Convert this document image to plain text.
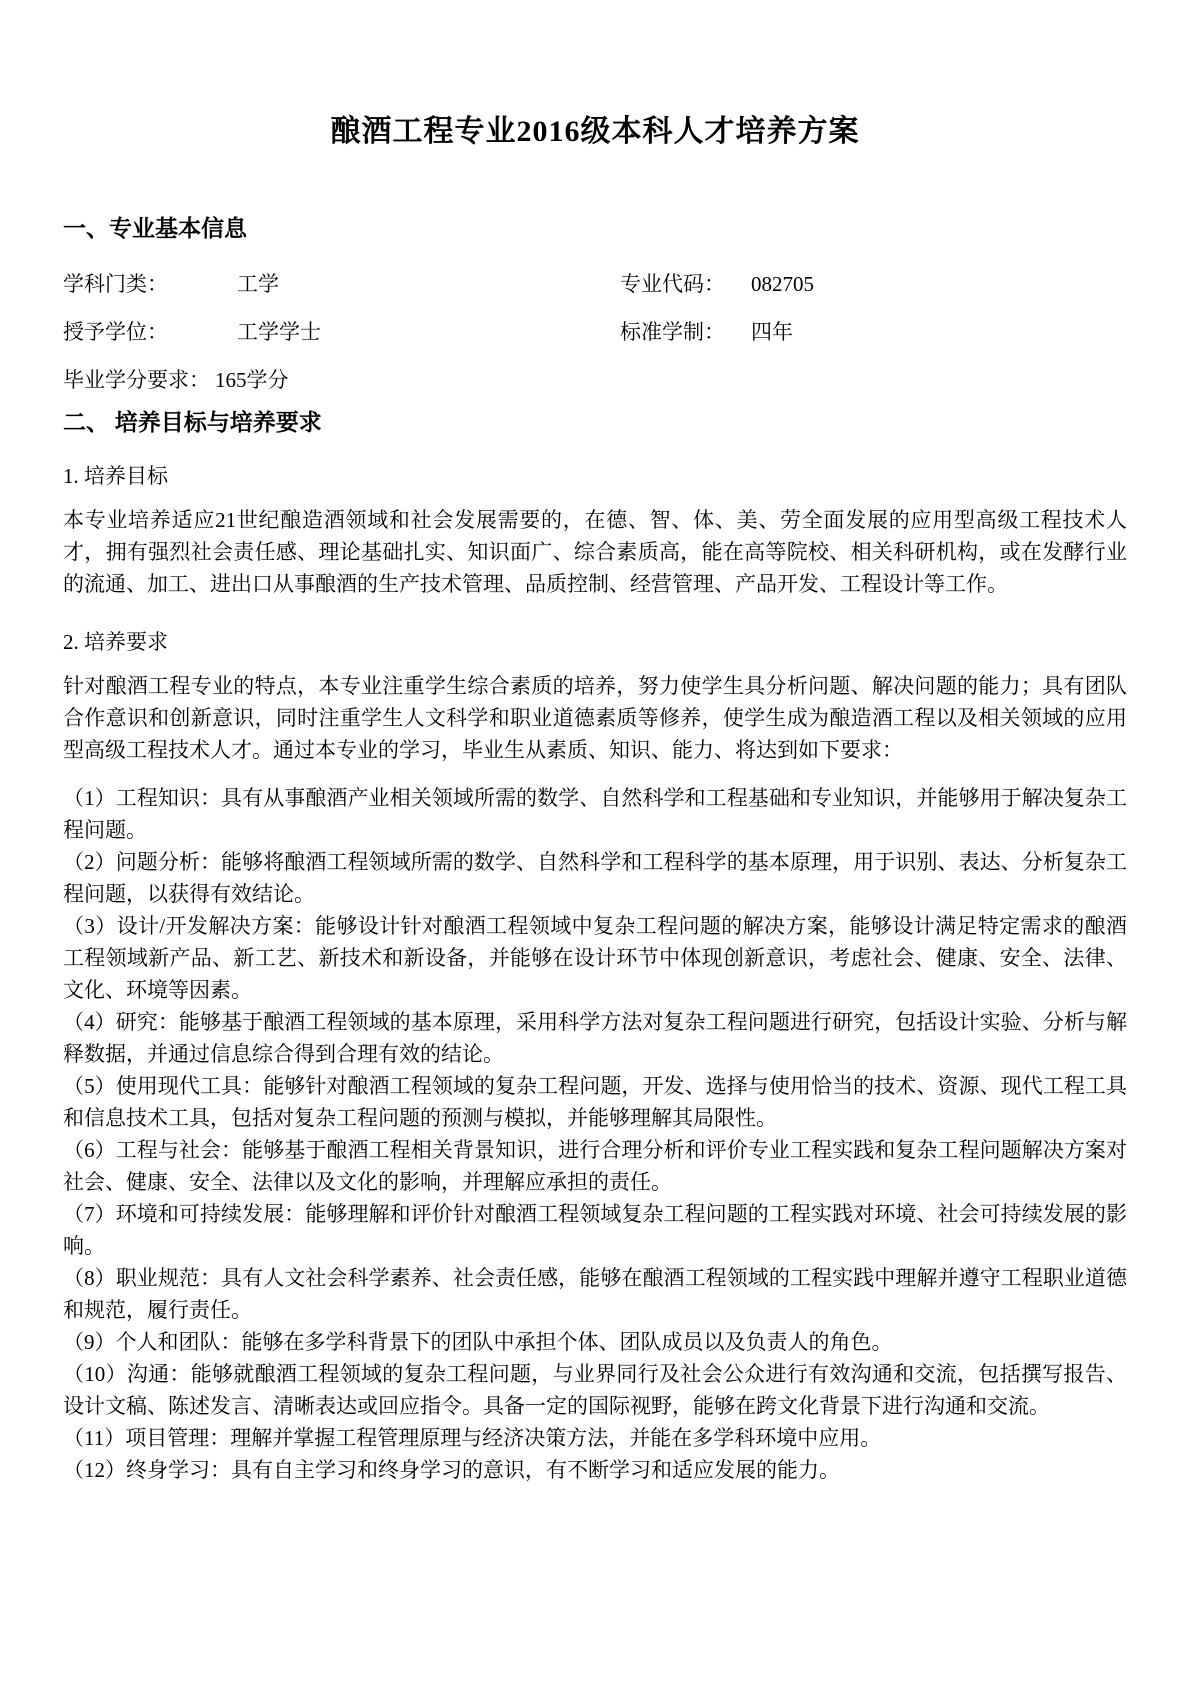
酿酒工程专业2016级本科人才培养方案
一、专业基本信息
学科门类：	工学	专业代码： 082705
授予学位：	工学学士	标准学制： 四年
毕业学分要求： 165学分
二、 培养目标与培养要求
1. 培养目标

本专业培养适应21世纪酿造酒领域和社会发展需要的，在德、智、体、美、劳全面发展的应用型高级工程技术人才，拥有强烈社会责任感、理论基础扎实、知识面广、综合素质高，能在高等院校、相关科研机构，或在发酵行业的流通、加工、进出口从事酿酒的生产技术管理、品质控制、经营管理、产品开发、工程设计等工作。

2. 培养要求

针对酿酒工程专业的特点，本专业注重学生综合素质的培养，努力使学生具分析问题、解决问题的能力；具有团队合作意识和创新意识，同时注重学生人文科学和职业道德素质等修养，使学生成为酿造酒工程以及相关领域的应用型高级工程技术人才。通过本专业的学习，毕业生从素质、知识、能力、将达到如下要求：

（1）工程知识：具有从事酿酒产业相关领域所需的数学、自然科学和工程基础和专业知识，并能够用于解决复杂工程问题。

（2）问题分析：能够将酿酒工程领域所需的数学、自然科学和工程科学的基本原理，用于识别、表达、分析复杂工程问题，以获得有效结论。

（3）设计/开发解决方案：能够设计针对酿酒工程领域中复杂工程问题的解决方案，能够设计满足特定需求的酿酒工程领域新产品、新工艺、新技术和新设备，并能够在设计环节中体现创新意识，考虑社会、健康、安全、法律、文化、环境等因素。

（4）研究：能够基于酿酒工程领域的基本原理，采用科学方法对复杂工程问题进行研究，包括设计实验、分析与解释数据，并通过信息综合得到合理有效的结论。

（5）使用现代工具：能够针对酿酒工程领域的复杂工程问题，开发、选择与使用恰当的技术、资源、现代工程工具和信息技术工具，包括对复杂工程问题的预测与模拟，并能够理解其局限性。

（6）工程与社会：能够基于酿酒工程相关背景知识，进行合理分析和评价专业工程实践和复杂工程问题解决方案对社会、健康、安全、法律以及文化的影响，并理解应承担的责任。

（7）环境和可持续发展：能够理解和评价针对酿酒工程领域复杂工程问题的工程实践对环境、社会可持续发展的影响。

（8）职业规范：具有人文社会科学素养、社会责任感，能够在酿酒工程领域的工程实践中理解并遵守工程职业道德和规范，履行责任。

（9）个人和团队：能够在多学科背景下的团队中承担个体、团队成员以及负责人的角色。

（10）沟通：能够就酿酒工程领域的复杂工程问题，与业界同行及社会公众进行有效沟通和交流，包括撰写报告、设计文稿、陈述发言、清晰表达或回应指令。具备一定的国际视野，能够在跨文化背景下进行沟通和交流。

（11）项目管理：理解并掌握工程管理原理与经济决策方法，并能在多学科环境中应用。

（12）终身学习：具有自主学习和终身学习的意识，有不断学习和适应发展的能力。
